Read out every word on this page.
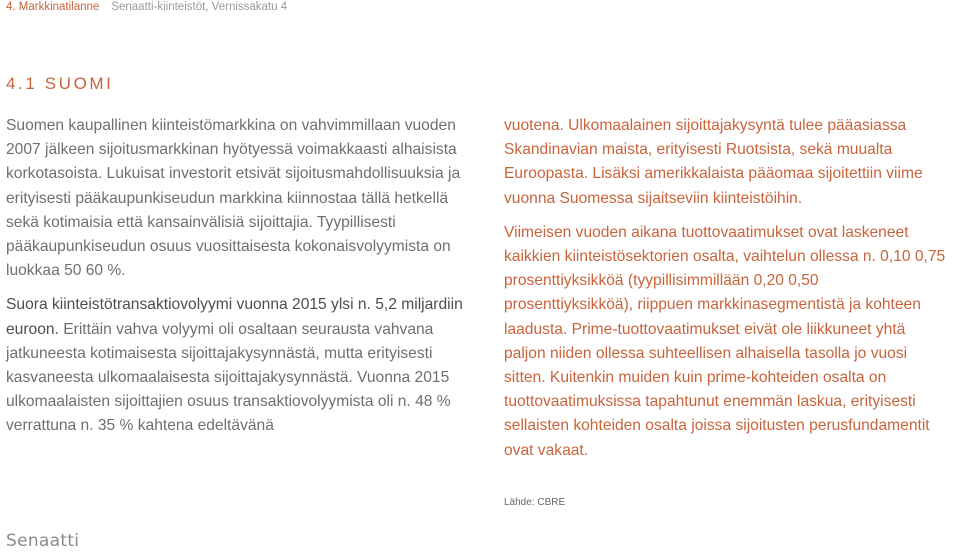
4. Markkinatilanne Senaatti-kiinteistöt, Vernissakatu 4
4.1 SUOMI

Suomen kaupallinen kiinteistömarkkina on vahvimmillaan vuoden 2007 jälkeen sijoitusmarkkinan hyötyessä voimakkaasti alhaisista korkotasoista. Lukuisat investorit etsivät sijoitusmahdollisuuksia ja erityisesti pääkaupunkiseudun markkina kiinnostaa tällä hetkellä sekä kotimaisia että kansainvälisiä sijoittajia. Tyypillisesti pääkaupunkiseudun osuus vuosittaisesta kokonaisvolyymista on luokkaa 50 60 %.

Suora kiinteistötransaktiovolyymi vuonna 2015 ylsi n. 5,2 miljardiin euroon. Erittäin vahva volyymi oli osaltaan seurausta vahvana jatkuneesta kotimaisesta sijoittajakysynnästä, mutta erityisesti kasvaneesta ulkomaalaisesta sijoittajakysynnästä. Vuonna 2015 ulkomaalaisten sijoittajien osuus transaktiovolyymista oli n. 48 % verrattuna n. 35 % kahtena edeltävänä

vuotena. Ulkomaalainen sijoittajakysyntä tulee pääasiassa Skandinavian maista, erityisesti Ruotsista, sekä muualta Euroopasta. Lisäksi amerikkalaista pääomaa sijoitettiin viime vuonna Suomessa sijaitseviin kiinteistöihin.

Viimeisen vuoden aikana tuottovaatimukset ovat laskeneet kaikkien kiinteistösektorien osalta, vaihtelun ollessa n. 0,10 0,75 prosenttiyksikköä (tyypillisimmillään 0,20 0,50 prosenttiyksikköä), riippuen markkinasegmentistä ja kohteen laadusta. Prime-tuottovaatimukset eivät ole liikkuneet yhtä paljon niiden ollessa suhteellisen alhaisella tasolla jo vuosi sitten. Kuitenkin muiden kuin prime-kohteiden osalta on tuottovaatimuksissa tapahtunut enemmän laskua, erityisesti sellaisten kohteiden osalta joissa sijoitusten perusfundamentit ovat vakaat.

Lähde: CBRE
Senaatti
